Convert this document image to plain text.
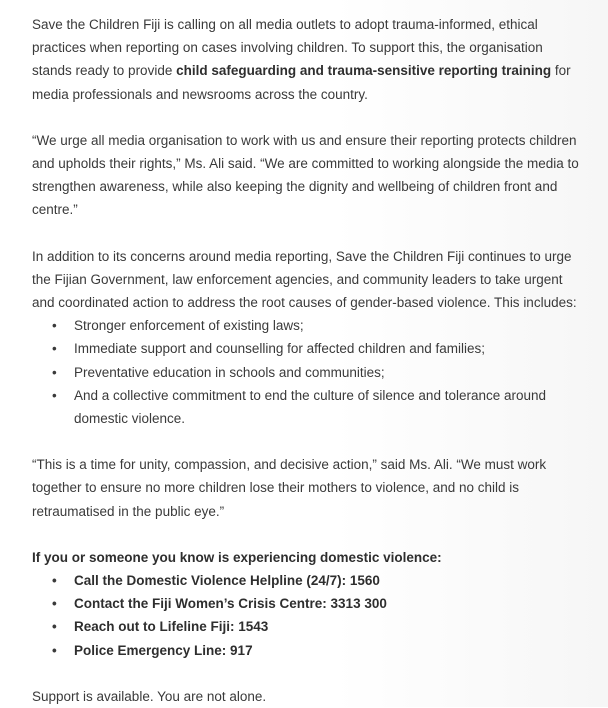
Save the Children Fiji is calling on all media outlets to adopt trauma-informed, ethical practices when reporting on cases involving children. To support this, the organisation stands ready to provide child safeguarding and trauma-sensitive reporting training for media professionals and newsrooms across the country.

“We urge all media organisation to work with us and ensure their reporting protects children and upholds their rights,” Ms. Ali said. “We are committed to working alongside the media to strengthen awareness, while also keeping the dignity and wellbeing of children front and centre.”

In addition to its concerns around media reporting, Save the Children Fiji continues to urge the Fijian Government, law enforcement agencies, and community leaders to take urgent and coordinated action to address the root causes of gender-based violence. This includes:

• Stronger enforcement of existing laws;
• Immediate support and counselling for affected children and families;
• Preventative education in schools and communities;
• And a collective commitment to end the culture of silence and tolerance around domestic violence.

“This is a time for unity, compassion, and decisive action,” said Ms. Ali. “We must work together to ensure no more children lose their mothers to violence, and no child is retraumatised in the public eye.”

If you or someone you know is experiencing domestic violence:

• Call the Domestic Violence Helpline (24/7): 1560
• Contact the Fiji Women’s Crisis Centre: 3313 300
• Reach out to Lifeline Fiji: 1543
• Police Emergency Line: 917

Support is available. You are not alone.
